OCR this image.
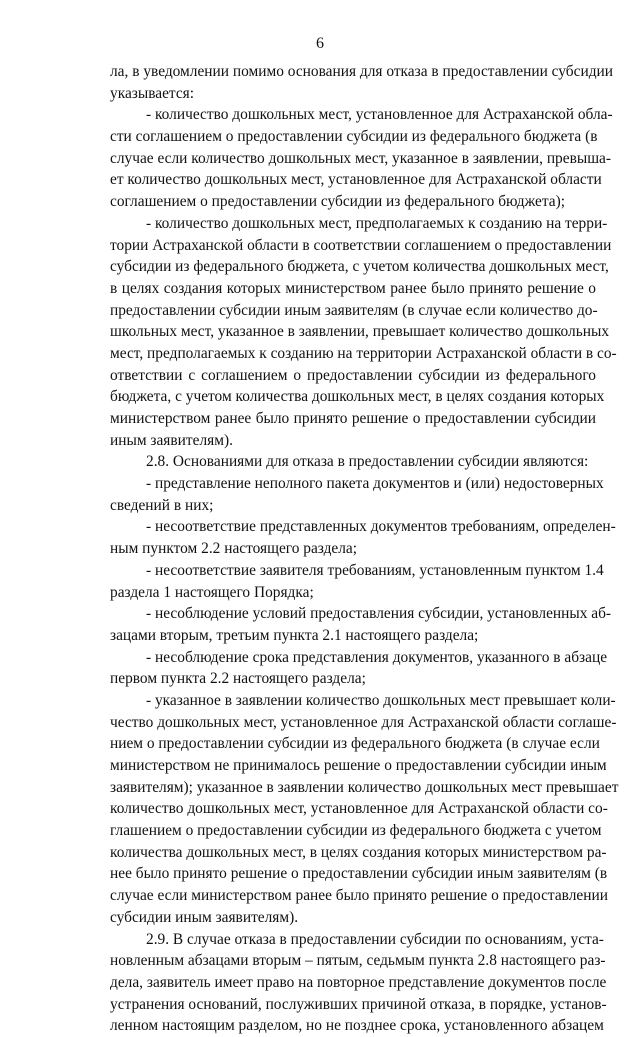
6
ла, в уведомлении помимо основания для отказа в предоставлении субсидии
указывается:
- количество дошкольных мест, установленное для Астраханской обла-
сти соглашением о предоставлении субсидии из федерального бюджета (в
случае если количество дошкольных мест, указанное в заявлении, превыша-
ет количество дошкольных мест, установленное для Астраханской области
соглашением о предоставлении субсидии из федерального бюджета);
- количество дошкольных мест, предполагаемых к созданию на терри-
тории Астраханской области в соответствии соглашением о предоставлении
субсидии из федерального бюджета, с учетом количества дошкольных мест,
в целях создания которых министерством ранее было принято решение о
предоставлении субсидии иным заявителям (в случае если количество до-
школьных мест, указанное в заявлении, превышает количество дошкольных
мест, предполагаемых к созданию на территории Астраханской области в со-
ответствии с соглашением о предоставлении субсидии из федерального
бюджета, с учетом количества дошкольных мест, в целях создания которых
министерством ранее было принято решение о предоставлении субсидии
иным заявителям).
2.8. Основаниями для отказа в предоставлении субсидии являются:
- представление неполного пакета документов и (или) недостоверных
сведений в них;
- несоответствие представленных документов требованиям, определен-
ным пунктом 2.2 настоящего раздела;
- несоответствие заявителя требованиям, установленным пунктом 1.4
раздела 1 настоящего Порядка;
- несоблюдение условий предоставления субсидии, установленных аб-
зацами вторым, третьим пункта 2.1 настоящего раздела;
- несоблюдение срока представления документов, указанного в абзаце
первом пункта 2.2 настоящего раздела;
- указанное в заявлении количество дошкольных мест превышает коли-
чество дошкольных мест, установленное для Астраханской области соглаше-
нием о предоставлении субсидии из федерального бюджета (в случае если
министерством не принималось решение о предоставлении субсидии иным
заявителям); указанное в заявлении количество дошкольных мест превышает
количество дошкольных мест, установленное для Астраханской области со-
глашением о предоставлении субсидии из федерального бюджета с учетом
количества дошкольных мест, в целях создания которых министерством ра-
нее было принято решение о предоставлении субсидии иным заявителям (в
случае если министерством ранее было принято решение о предоставлении
субсидии иным заявителям).
2.9. В случае отказа в предоставлении субсидии по основаниям, уста-
новленным абзацами вторым – пятым, седьмым пункта 2.8 настоящего раз-
дела, заявитель имеет право на повторное представление документов после
устранения оснований, послуживших причиной отказа, в порядке, установ-
ленном настоящим разделом, но не позднее срока, установленного абзацем
